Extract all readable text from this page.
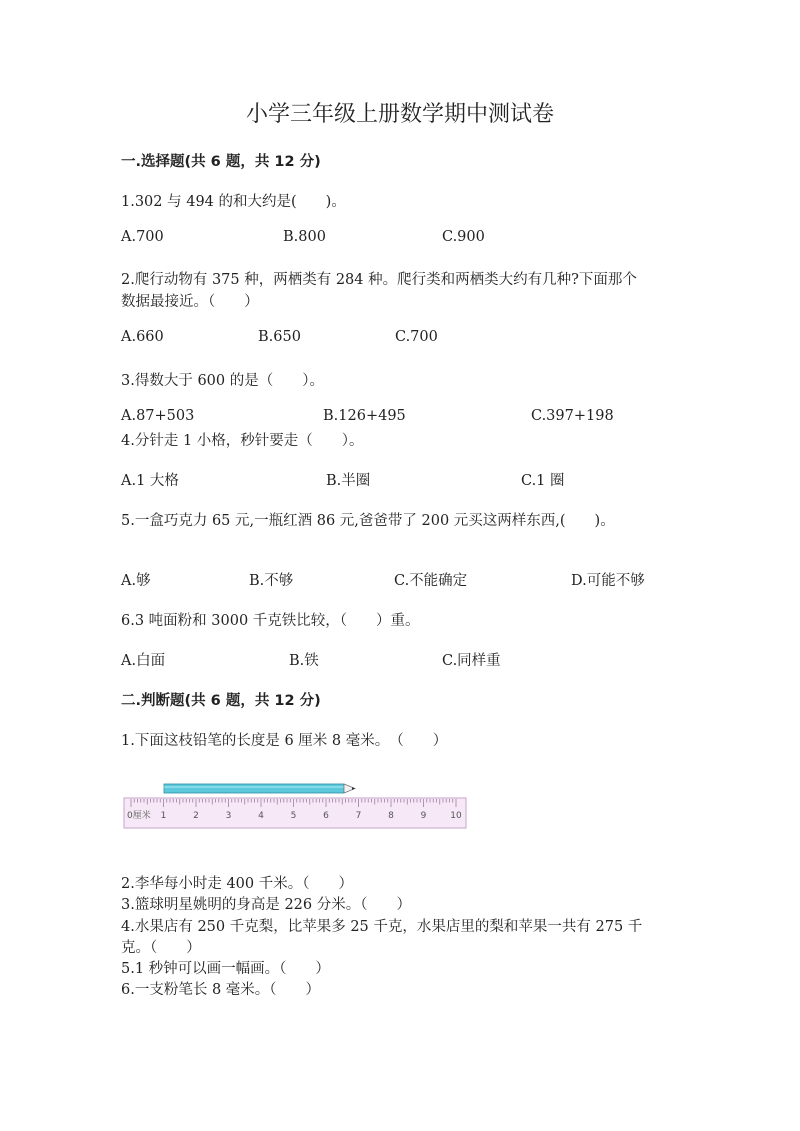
小学三年级上册数学期中测试卷
一.选择题(共 6 题，共 12 分)
1.302 与 494 的和大约是(　　)。
A.700	B.800	C.900
2.爬行动物有 375 种，两栖类有 284 种。爬行类和两栖类大约有几种?下面那个
数据最接近。（　　）
A.660	B.650	C.700
3.得数大于 600 的是（　　）。
A.87+503	B.126+495	C.397+198
4.分针走 1 小格，秒针要走（　　）。
A.1 大格	B.半圈	C.1 圈
5.一盒巧克力 65 元,一瓶红酒 86 元,爸爸带了 200 元买这两样东西,(　　)。
A.够	B.不够	C.不能确定	D.可能不够
6.3 吨面粉和 3000 千克铁比较，（　　）重。
A.白面	B.铁	C.同样重
二.判断题(共 6 题，共 12 分)
1.下面这枝铅笔的长度是 6 厘米 8 毫米。　（　　）
1	2	3	4	5	6	7	8	9	10
0厘米
2.李华每小时走 400 千米。（　　）
3.篮球明星姚明的身高是 226 分米。（　　）
4.水果店有 250 千克梨，比苹果多 25 千克，水果店里的梨和苹果一共有 275 千
克。（　　）
5.1 秒钟可以画一幅画。（　　）
6.一支粉笔长 8 毫米。（　　）
